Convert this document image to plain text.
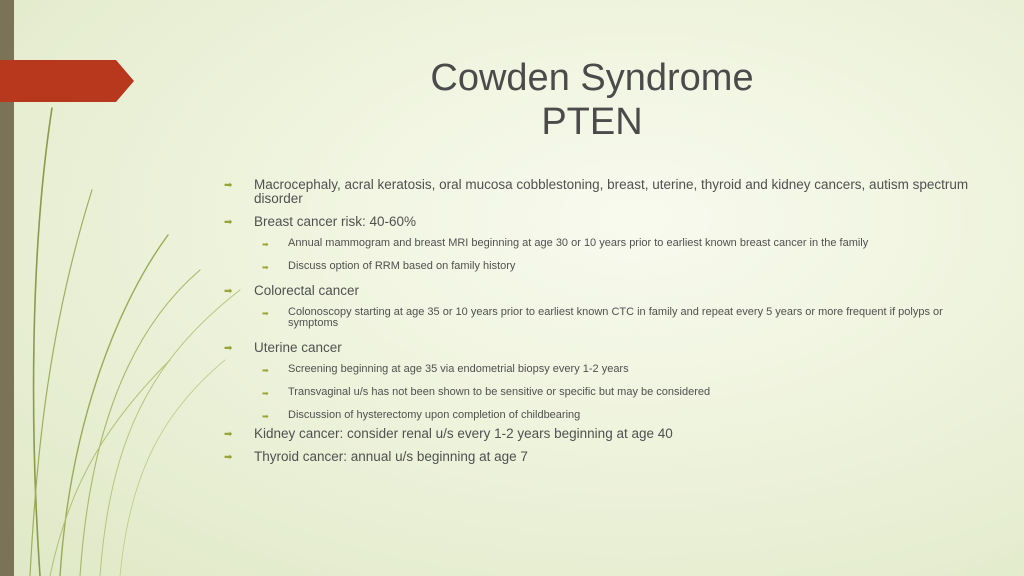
Cowden Syndrome
PTEN

➡ Macrocephaly, acral keratosis, oral mucosa cobblestoning, breast, uterine, thyroid and kidney cancers, autism spectrum disorder

➡ Breast cancer risk: 40-60%

➡ Annual mammogram and breast MRI beginning at age 30 or 10 years prior to earliest known breast cancer in the family

➡ Discuss option of RRM based on family history

➡ Colorectal cancer

➡ Colonoscopy starting at age 35 or 10 years prior to earliest known CTC in family and repeat every 5 years or more frequent if polyps or symptoms

➡ Uterine cancer

➡ Screening beginning at age 35 via endometrial biopsy every 1-2 years

➡ Transvaginal u/s has not been shown to be sensitive or specific but may be considered

➡ Discussion of hysterectomy upon completion of childbearing

➡ Kidney cancer: consider renal u/s every 1-2 years beginning at age 40

➡ Thyroid cancer: annual u/s beginning at age 7
